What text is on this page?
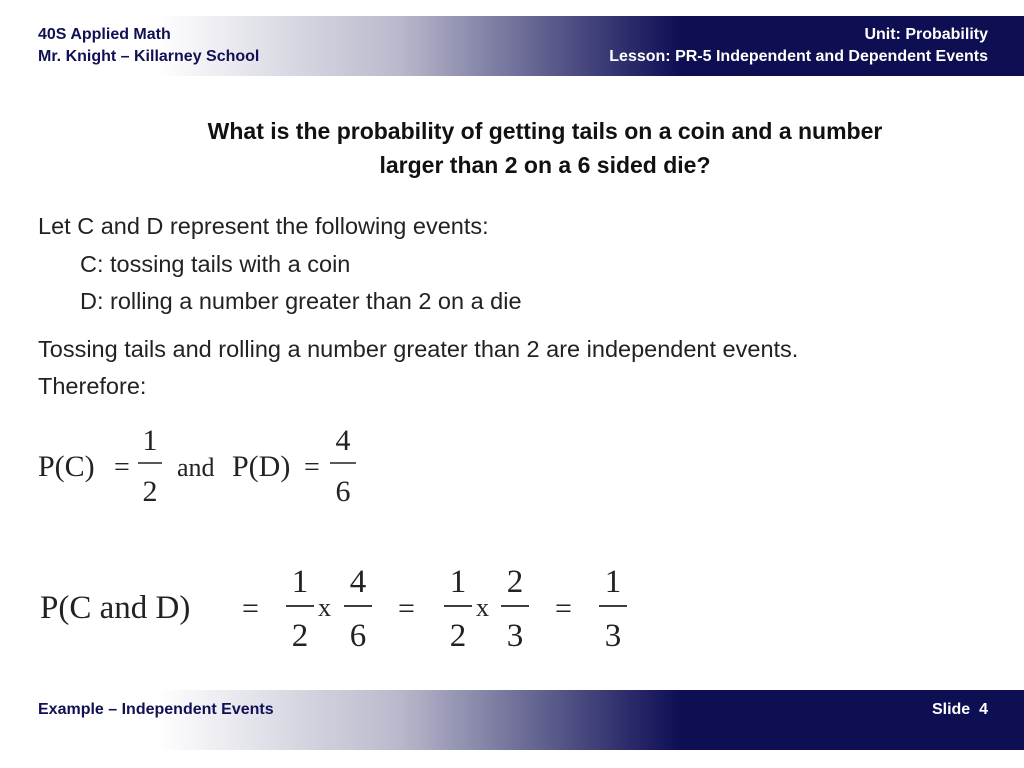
40S Applied Math
Mr. Knight – Killarney School
Unit: Probability
Lesson: PR-5 Independent and Dependent Events
What is the probability of getting tails on a coin and a number
larger than 2 on a 6 sided die?
Let C and D represent the following events:
C: tossing tails with a coin
D: rolling a number greater than 2 on a die
Tossing tails and rolling a number greater than 2 are independent events.
Therefore:
P(C) =
1
2
and P(D) =
4
6
P(C and D) =
1
2
x
4
6
=
1
2
x
2
3
=
1
3
Example – Independent Events	Slide 4
